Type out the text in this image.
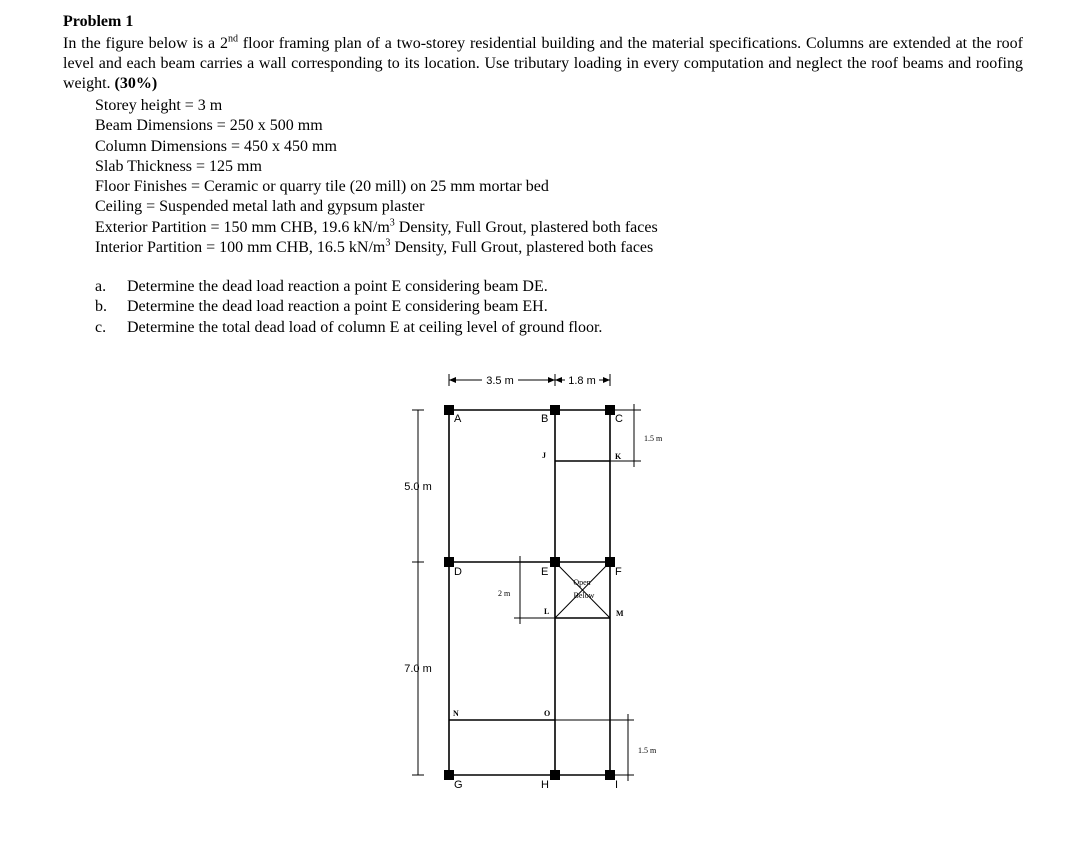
Problem 1
In the figure below is a 2nd floor framing plan of a two-storey residential building and the material specifications. Columns are extended at the roof level and each beam carries a wall corresponding to its location. Use tributary loading in every computation and neglect the roof beams and roofing weight. (30%)
Storey height = 3 m
Beam Dimensions = 250 x 500 mm
Column Dimensions = 450 x 450 mm
Slab Thickness = 125 mm
Floor Finishes = Ceramic or quarry tile (20 mill) on 25 mm mortar bed
Ceiling = Suspended metal lath and gypsum plaster
Exterior Partition = 150 mm CHB, 19.6 $kN/m^3$ Density, Full Grout, plastered both faces
Interior Partition = 100 mm CHB, 16.5 $kN/m^3$ Density, Full Grout, plastered both faces
a. Determine the dead load reaction a point E considering beam DE.
b. Determine the dead load reaction a point E considering beam EH.
c. Determine the total dead load of column E at ceiling level of ground floor.
3.5 m	1.8 m
5.0 m
7.0 m
1.5 m
1.5 m
2 m
A	B	C
D	E	F
G	H	I
J	K
L	M
N	O
Open
Below
